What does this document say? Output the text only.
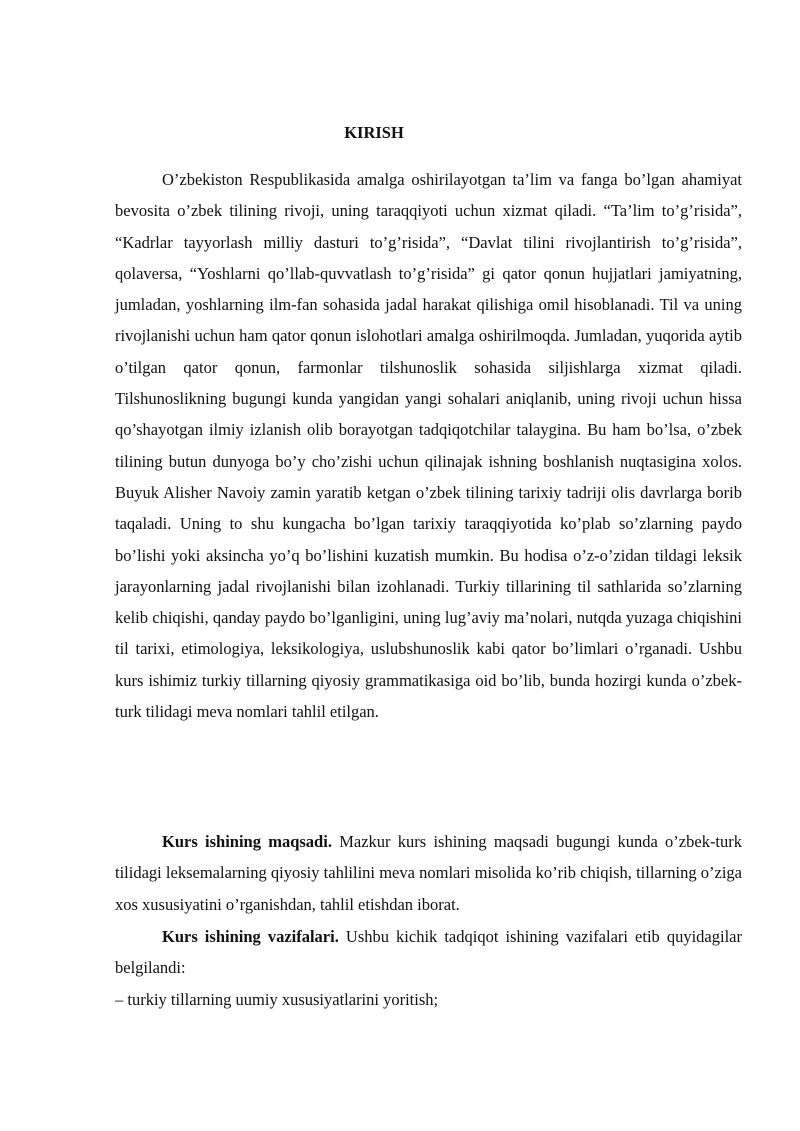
KIRISH

O’zbekiston Respublikasida amalga oshirilayotgan ta’lim va fanga bo’lgan ahamiyat bevosita o’zbek tilining rivoji, uning taraqqiyoti uchun xizmat qiladi. “Ta’lim to’g’risida”, “Kadrlar tayyorlash milliy dasturi to’g’risida”, “Davlat tilini rivojlantirish to’g’risida”, qolaversa, “Yoshlarni qo’llab-quvvatlash to’g’risida” gi qator qonun hujjatlari jamiyatning, jumladan, yoshlarning ilm-fan sohasida jadal harakat qilishiga omil hisoblanadi. Til va uning rivojlanishi uchun ham qator qonun islohotlari amalga oshirilmoqda. Jumladan, yuqorida aytib o’tilgan qator qonun, farmonlar tilshunoslik sohasida siljishlarga xizmat qiladi. Tilshunoslikning bugungi kunda yangidan yangi sohalari aniqlanib, uning rivoji uchun hissa qo’shayotgan ilmiy izlanish olib borayotgan tadqiqotchilar talaygina. Bu ham bo’lsa, o’zbek tilining butun dunyoga bo’y cho’zishi uchun qilinajak ishning boshlanish nuqtasigina xolos. Buyuk Alisher Navoiy zamin yaratib ketgan o’zbek tilining tarixiy tadriji olis davrlarga borib taqaladi. Uning to shu kungacha bo’lgan tarixiy taraqqiyotida ko’plab so’zlarning paydo bo’lishi yoki aksincha yo’q bo’lishini kuzatish mumkin. Bu hodisa o’z-o’zidan tildagi leksik jarayonlarning jadal rivojlanishi bilan izohlanadi. Turkiy tillarining til sathlarida so’zlarning kelib chiqishi, qanday paydo bo’lganligini, uning lug’aviy ma’nolari, nutqda yuzaga chiqishini til tarixi, etimologiya, leksikologiya, uslubshunoslik kabi qator bo’limlari o’rganadi. Ushbu kurs ishimiz turkiy tillarning qiyosiy grammatikasiga oid bo’lib, bunda hozirgi kunda o’zbek-turk tilidagi meva nomlari tahlil etilgan.

Kurs ishining maqsadi. Mazkur kurs ishining maqsadi bugungi kunda o’zbek-turk tilidagi leksemalarning qiyosiy tahlilini meva nomlari misolida ko’rib chiqish, tillarning o’ziga xos xususiyatini o’rganishdan, tahlil etishdan iborat.

Kurs ishining vazifalari. Ushbu kichik tadqiqot ishining vazifalari etib quyidagilar belgilandi:

– turkiy tillarning uumiy xususiyatlarini yoritish;
